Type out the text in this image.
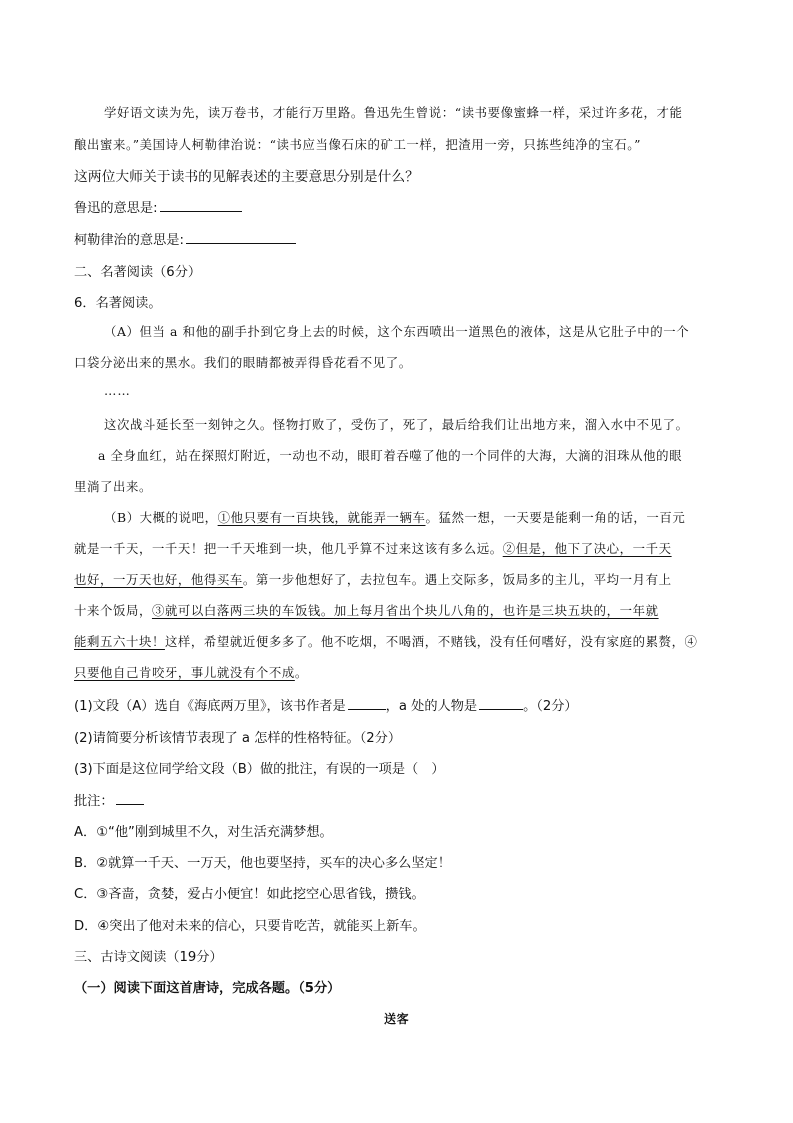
学好语文读为先，读万卷书，才能行万里路。鲁迅先生曾说：“读书要像蜜蜂一样，采过许多花，才能
酿出蜜来。”美国诗人柯勒律治说：“读书应当像石床的矿工一样，把渣用一旁，只拣些纯净的宝石。”
这两位大师关于读书的见解表述的主要意思分别是什么？
鲁迅的意思是:
柯勒律治的意思是:
二、名著阅读（6分）
6．名著阅读。
（A）但当 a 和他的副手扑到它身上去的时候，这个东西喷出一道黑色的液体，这是从它肚子中的一个
口袋分泌出来的黑水。我们的眼睛都被弄得昏花看不见了。
……
这次战斗延长至一刻钟之久。怪物打败了，受伤了，死了，最后给我们让出地方来，溜入水中不见了。
a 全身血红，站在探照灯附近，一动也不动，眼盯着吞噬了他的一个同伴的大海，大滴的泪珠从他的眼
里淌了出来。
（B）大概的说吧，①他只要有一百块钱，就能弄一辆车。猛然一想，一天要是能剩一角的话，一百元
就是一千天，一千天！把一千天堆到一块，他几乎算不过来这该有多么远。②但是，他下了决心，一千天
也好，一万天也好，他得买车。第一步他想好了，去拉包车。遇上交际多，饭局多的主儿，平均一月有上
十来个饭局，③就可以白落两三块的车饭钱。加上每月省出个块儿八角的，也许是三块五块的，一年就
能剩五六十块！这样，希望就近便多多了。他不吃烟，不喝酒，不赌钱，没有任何嗜好，没有家庭的累赘，④
只要他自己肯咬牙，事儿就没有个不成。
(1)文段（A）选自《海底两万里》，该书作者是	，a 处的人物是	。（2分）
(2)请简要分析该情节表现了 a 怎样的性格特征。（2分）
(3)下面是这位同学给文段（B）做的批注，有误的一项是（　）
批注：
A．①“他”刚到城里不久，对生活充满梦想。
B．②就算一千天、一万天，他也要坚持，买车的决心多么坚定！
C．③吝啬，贪婪，爱占小便宜！如此挖空心思省钱，攒钱。
D．④突出了他对未来的信心，只要肯吃苦，就能买上新车。
三、古诗文阅读（19分）
（一）阅读下面这首唐诗，完成各题。（5分）
送客
